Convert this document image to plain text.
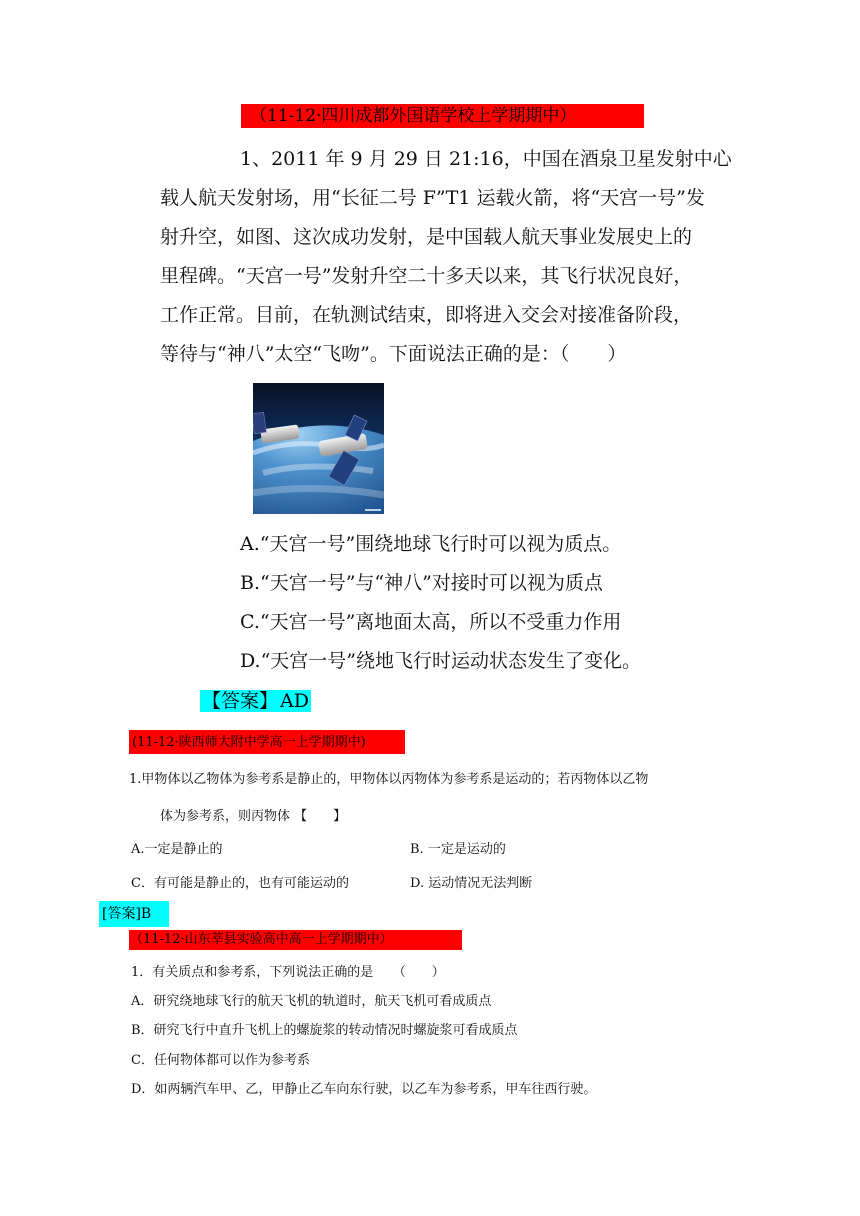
（11-12·四川成都外国语学校上学期期中）
1、2011 年 9 月 29 日 21:16，中国在酒泉卫星发射中心
载人航天发射场，用“长征二号 F”T1 运载火箭，将“天宫一号”发
射升空，如图、这次成功发射，是中国载人航天事业发展史上的
里程碑。“天宫一号”发射升空二十多天以来，其飞行状况良好，
工作正常。目前，在轨测试结束，即将进入交会对接准备阶段，
等待与“神八”太空“飞吻”。下面说法正确的是：（　　）
A.“天宫一号”围绕地球飞行时可以视为质点。
B.“天宫一号”与“神八”对接时可以视为质点
C.“天宫一号”离地面太高，所以不受重力作用
D.“天宫一号”绕地飞行时运动状态发生了变化。
【答案】 AD
(11-12·陕西师大附中学高一上学期期中)
1.甲物体以乙物体为参考系是静止的，甲物体以丙物体为参考系是运动的；若丙物体以乙物
体为参考系，则丙物体 【　　】
A.一定是静止的	B. 一定是运动的
C．有可能是静止的，也有可能运动的	D. 运动情况无法判断
[答案]B
（11-12·山东莘县实验高中高一上学期期中）
1．有关质点和参考系，下列说法正确的是　　（　　）
A．研究绕地球飞行的航天飞机的轨道时，航天飞机可看成质点
B．研究飞行中直升飞机上的螺旋浆的转动情况时螺旋浆可看成质点
C．任何物体都可以作为参考系
D．如两辆汽车甲、乙，甲静止乙车向东行驶，以乙车为参考系，甲车往西行驶。
